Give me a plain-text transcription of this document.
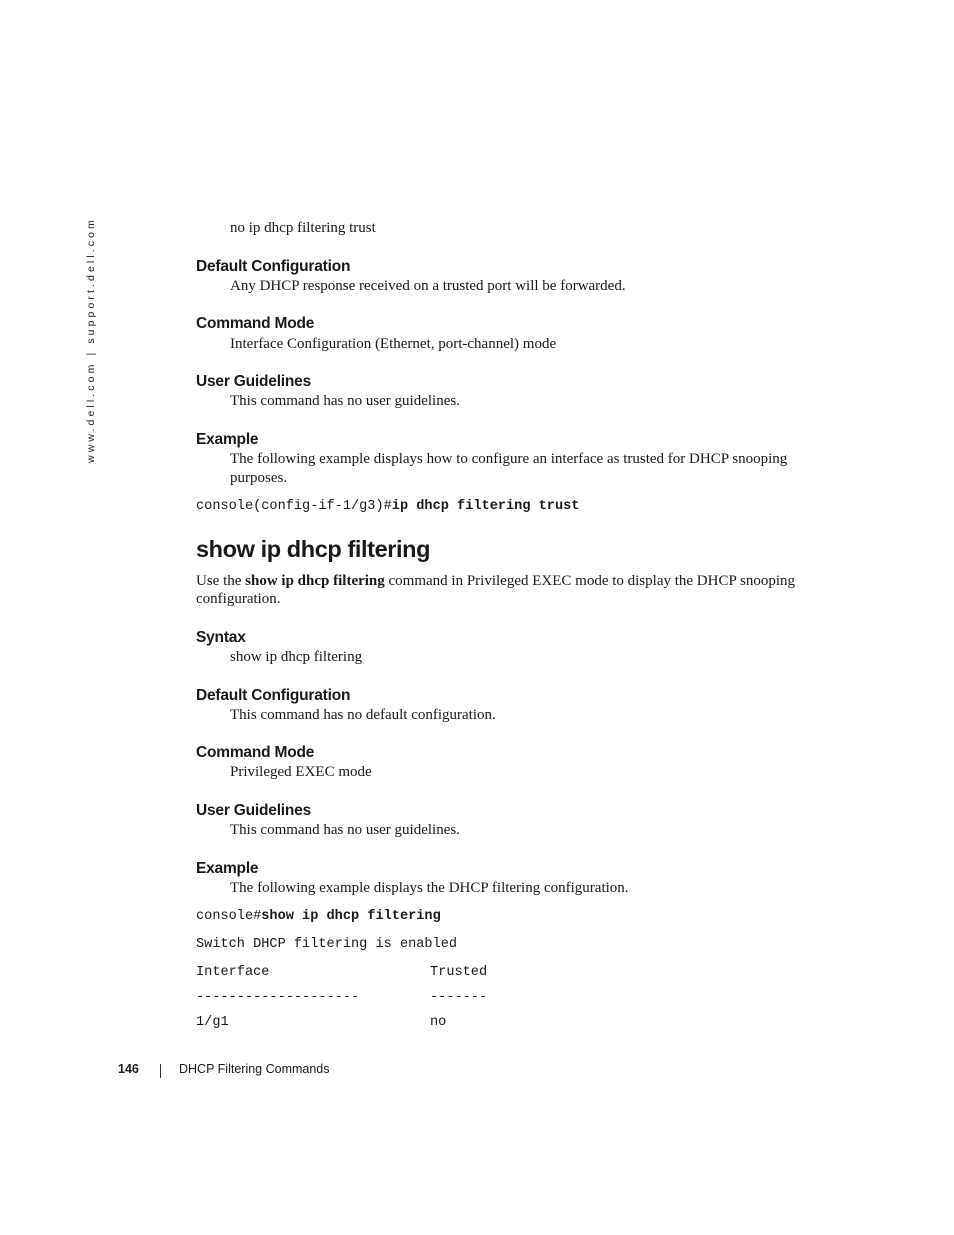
www.dell.com | support.dell.com	no ip dhcp filtering trust
Default Configuration
Any DHCP response received on a trusted port will be forwarded.
Command Mode
Interface Configuration (Ethernet, port-channel) mode
User Guidelines
This command has no user guidelines.
Example
The following example displays how to configure an interface as trusted for DHCP snooping
purposes.
console(config-if-1/g3)#ip dhcp filtering trust
show ip dhcp filtering
Use the show ip dhcp filtering command in Privileged EXEC mode to display the DHCP snooping
configuration.
Syntax
show ip dhcp filtering
Default Configuration
This command has no default configuration.
Command Mode
Privileged EXEC mode
User Guidelines
This command has no user guidelines.
Example
The following example displays the DHCP filtering configuration.
console#show ip dhcp filtering
Switch DHCP filtering is enabled
Interface	Trusted
--------------------	-------
1/g1	no
146	DHCP Filtering Commands
